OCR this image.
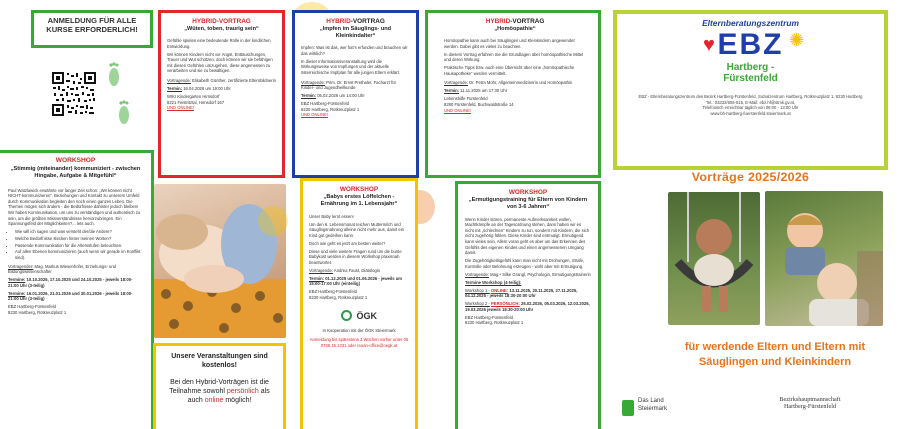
ANMELDUNG FÜR ALLE KURSE ERFORDERLICH!
WORKSHOP
„Stimmig (miteinander) kommuniziert - zwischen Hingabe, Aufgabe & Mitgefühl“

Paul Watzlawick erwähnte vor langer Zeit schon: „Wir können nicht NICHT-kommunizieren“. Beziehungen und Kontakt zu unserem Umfeld durch Kommunikation begleiten den noch einen ganzes Leben. Die Themen mögen sich ändern - die Bedürfnisse dahinter jedoch bleiben! Wir haben Kommunikation, um uns zu verständigen und authentisch zu sein, um die größten Missverständnisse hervorzubringen. Ein Spannungsfeld der Möglichkeiten?... lets auch.

• Wie will ich sagen und was versteht der/die Andere?
• Welche Bedürfnisse stecken hinter meinen Worten?
• Passende Kommunikation für die Altersstufen beleuchten.
• Auf allen Ebenen kommunizieren (auch wenn wir gerade im Konflikt sind).

Vortragender: Mag. Markus Wiesenhofer, Erziehungs- und Bildungswissenschafter

Termine: 10.10.2025, 17.10.2025 und 24.10.2025 - jeweils 18:00-21:00 Uhr (3-teilig)

Termine: 16.01.2026, 21.01.2026 und 30.01.2026 - jeweils 18:00-21:00 Uhr (3-teilig)

EBZ Hartberg-Fürstenfeld
8230 Hartberg, Rotkreuzplatz 1

HYBRID-VORTRAG
„Wüten, toben, traurig sein“

Gefühle spielen eine bedeutende Rolle in der kindlichen Entwicklung.

Wir können Kindern nicht vor Angst, Enttäuschungen, Trauer und Wut schützen, doch können wir sie befähigen mit diesen Gefühlen umzugehen, diese angemessen zu verarbeiten und sie zu bewältigen.

Vortragende: Elisabeth Günther, zertifizierte Elternbildnerin

Termin: 16.04.2026 um 19:00 Uhr

WIKI Kindergarten Hirnsdorf
8221 Feistritztal, Hirnsdorf 167
UND ONLINE!

Unsere Veranstaltungen sind kostenlos!
Bei den Hybrid-Vorträgen ist die Teilnahme sowohl persönlich als auch online möglich!
HYBRID-VORTRAG
„Impfen im Säuglings- und Kleinkindalter“

Impfen: Was ist das, wer hat‘s erfunden und brauchen wir das wirklich?

In dieser Informationsveranstaltung wird die Wirkungsweise von Impfungen und der aktuelle österreichische Impfplan für alle jungen Eltern erklärt.

Vortragende: Prim. Dr. Ernst Prethaler, Facharzt für Kinder- und Jugendheilkunde

Termin: 05.02.2026 um 14:00 Uhr

EBZ Hartberg-Fürstenfeld
8230 Hartberg, Rotkreuzplatz 1
UND ONLINE!

WORKSHOP
„Babys erstes Löffelchen - Ernährung im 1. Lebensjahr“

Unser Baby lernt essen!

Um den 6. Lebensmonat reichen Muttermilch und Säuglingsnahrung alleine nicht mehr aus, damit ein Kind gut gedeihen kann.

Doch wie geht es jetzt am besten weiter?

Diese und viele weitere Fragen rund um die bunte Babykost werden in diesem Workshop praxisnah beantwortet.

Vortragende: Andrea Faust, Diätologin

Termin: 01.12.2025 und 01.06.2026 - jeweils um 15:00-17:00 Uhr (einteilig)

EBZ Hartberg-Fürstenfeld
8230 Hartberg, Rotkreuzplatz 1

ÖGK
In Kooperation mit der ÖGK Steiermark
Anmeldung bis spätestens 3 Wochen vorher unter 05 0766 15 1331 oder reuan-office@oegk.at
HYBRID-VORTRAG
„Homöopathie“

Homöopathie kann auch bei Säuglingen und Kleinkindern angewendet werden. Dabei gibt es vieles zu beachten.

In diesem Vortrag erfahren Sie die Grundlagen über homöopathische Mittel und deren Wirkung.

Praktische Tipps bzw. auch eine Übersicht über eine „homöopathische Hausapotheke“ werden vermittelt.

Vortragende: Dr. Petra Mohr, Allgemeinmedizinerin und Homöopathin

Termin: 11.11.2025 um 17:30 Uhr

Lebenshilfe Fürstenfeld
8280 Fürstenfeld, Buchwaldstraße 14
UND ONLINE!

WORKSHOP
„Ermutigungstraining für Eltern von Kindern von 3-6 Jahren“

Wenn Kinder stören, permanente Aufmerksamkeit wollen, Machtkämpfe an der Tagesordnung stehen, dann haben wir es nicht mit „schlechten“ Kindern zu tun, sondern mit Kindern, die sich nicht zugehörig fühlen. Diese Kinder sind entmutigt. Ermutigend kann vieles sein. Allem voran geht es aber um das Erkennen des Gefühls des eigenen Kindes und einen angemessenen Umgang damit.

Die Zugehörigkeitsgefühl kann man nicht mit Drohungen, Strafe, Kontrolle oder Belohnung erzeugen - wohl aber mit Ermutigung.

Vortragende: Mag.ᵃ Silke Grangl, Psychologin, Ermutigungstrainerin

Termine Workshop (4-teilig):

Workshop 1 - ONLINE: 13.11.2025, 20.11.2025, 27.11.2025, 04.12.2025 - jeweils 18:30-20:00 Uhr

Workshop 2 - PERSÖNLICH: 26.02.2026, 05.03.2026, 12.03.2026, 19.03.2026 jeweils 18:30-20:00 Uhr

EBZ Hartberg-Fürstenfeld
8230 Hartberg, Rotkreuzplatz 1

Elternberatungszentrum
♥ EBZ ✺
Hartberg -
Fürstenfeld
EBZ - Elternberatungszentrum des Bezirk Hartberg-Fürstenfeld, Sozialzentrum Hartberg, Rotkreuzplatz 1, 8230 Hartberg
Tel.: 03332/606-515, E-Mail: ebz.hf@stmk.gv.at,
Telefonisch erreichbar täglich von 08:00 - 13:00 Uhr
www.bh-hartberg-fuerstenfeld.steiermark.at
Vorträge 2025/2026
für werdende Eltern und Eltern mit Säuglingen und Kleinkindern
Das Land
Steiermark
Bezirkshauptmannschaft
Hartberg-Fürstenfeld
